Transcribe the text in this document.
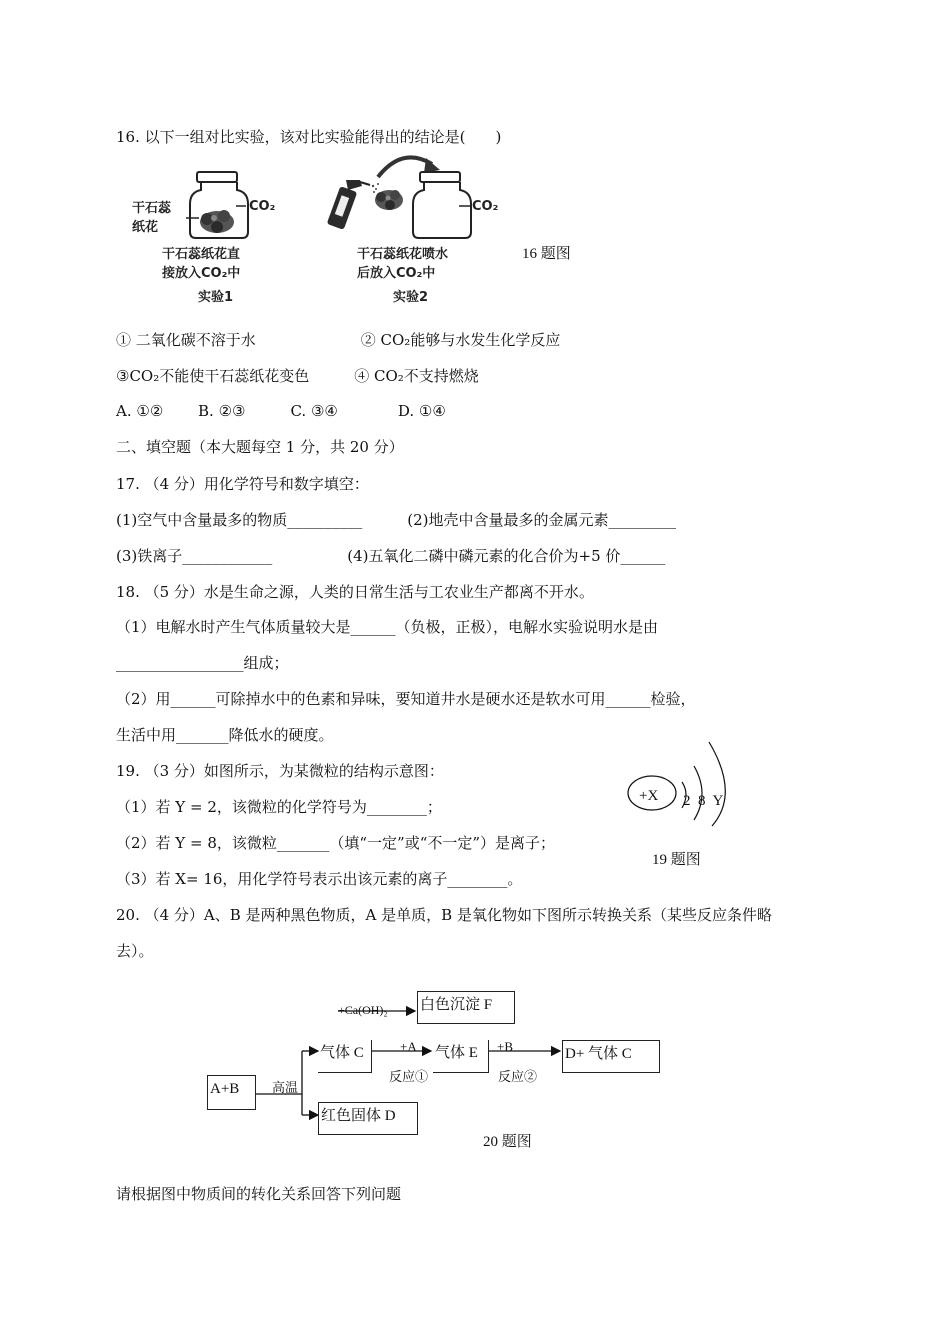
16. 以下一组对比实验，该对比实验能得出的结论是(　　)
干石蕊
纸花
CO₂	CO₂
干石蕊纸花直
接放入CO₂中
干石蕊纸花喷水
后放入CO₂中
实验1	实验2
16 题图
① 二氧化碳不溶于水　　　　　　　② CO₂能够与水发生化学反应
③CO₂不能使干石蕊纸花变色　　　④ CO₂不支持燃烧
A. ①②　　 B. ②③　　　C. ③④　　　　D. ①④
二、填空题（本大题每空 1 分，共 20 分）
17. （4 分）用化学符号和数字填空：
(1)空气中含量最多的物质__________　　　(2)地壳中含量最多的金属元素_________
(3)铁离子____________　　　　　(4)五氧化二磷中磷元素的化合价为+5 价______
18. （5 分）水是生命之源，人类的日常生活与工农业生产都离不开水。
（1）电解水时产生气体质量较大是______（负极，正极），电解水实验说明水是由
_________________组成；
（2）用______可除掉水中的色素和异味，要知道井水是硬水还是软水可用______检验，
生活中用_______降低水的硬度。
19. （3 分）如图所示，为某微粒的结构示意图：
（1）若 Y = 2，该微粒的化学符号为________；
（2）若 Y = 8，该微粒_______（填“一定”或“不一定”）是离子；
（3）若 X= 16，用化学符号表示出该元素的离子________。
+X 2  8  Y
19 题图
20. （4 分）A、B 是两种黑色物质，A 是单质，B 是氧化物如下图所示转换关系（某些反应条件略
去）。
A+B	高温
+Ca(OH)₂ 白色沉淀 F
气体 C	+A
反应①
气体 E	+B
反应②
D+ 气体 C
红色固体 D
20 题图
请根据图中物质间的转化关系回答下列问题
